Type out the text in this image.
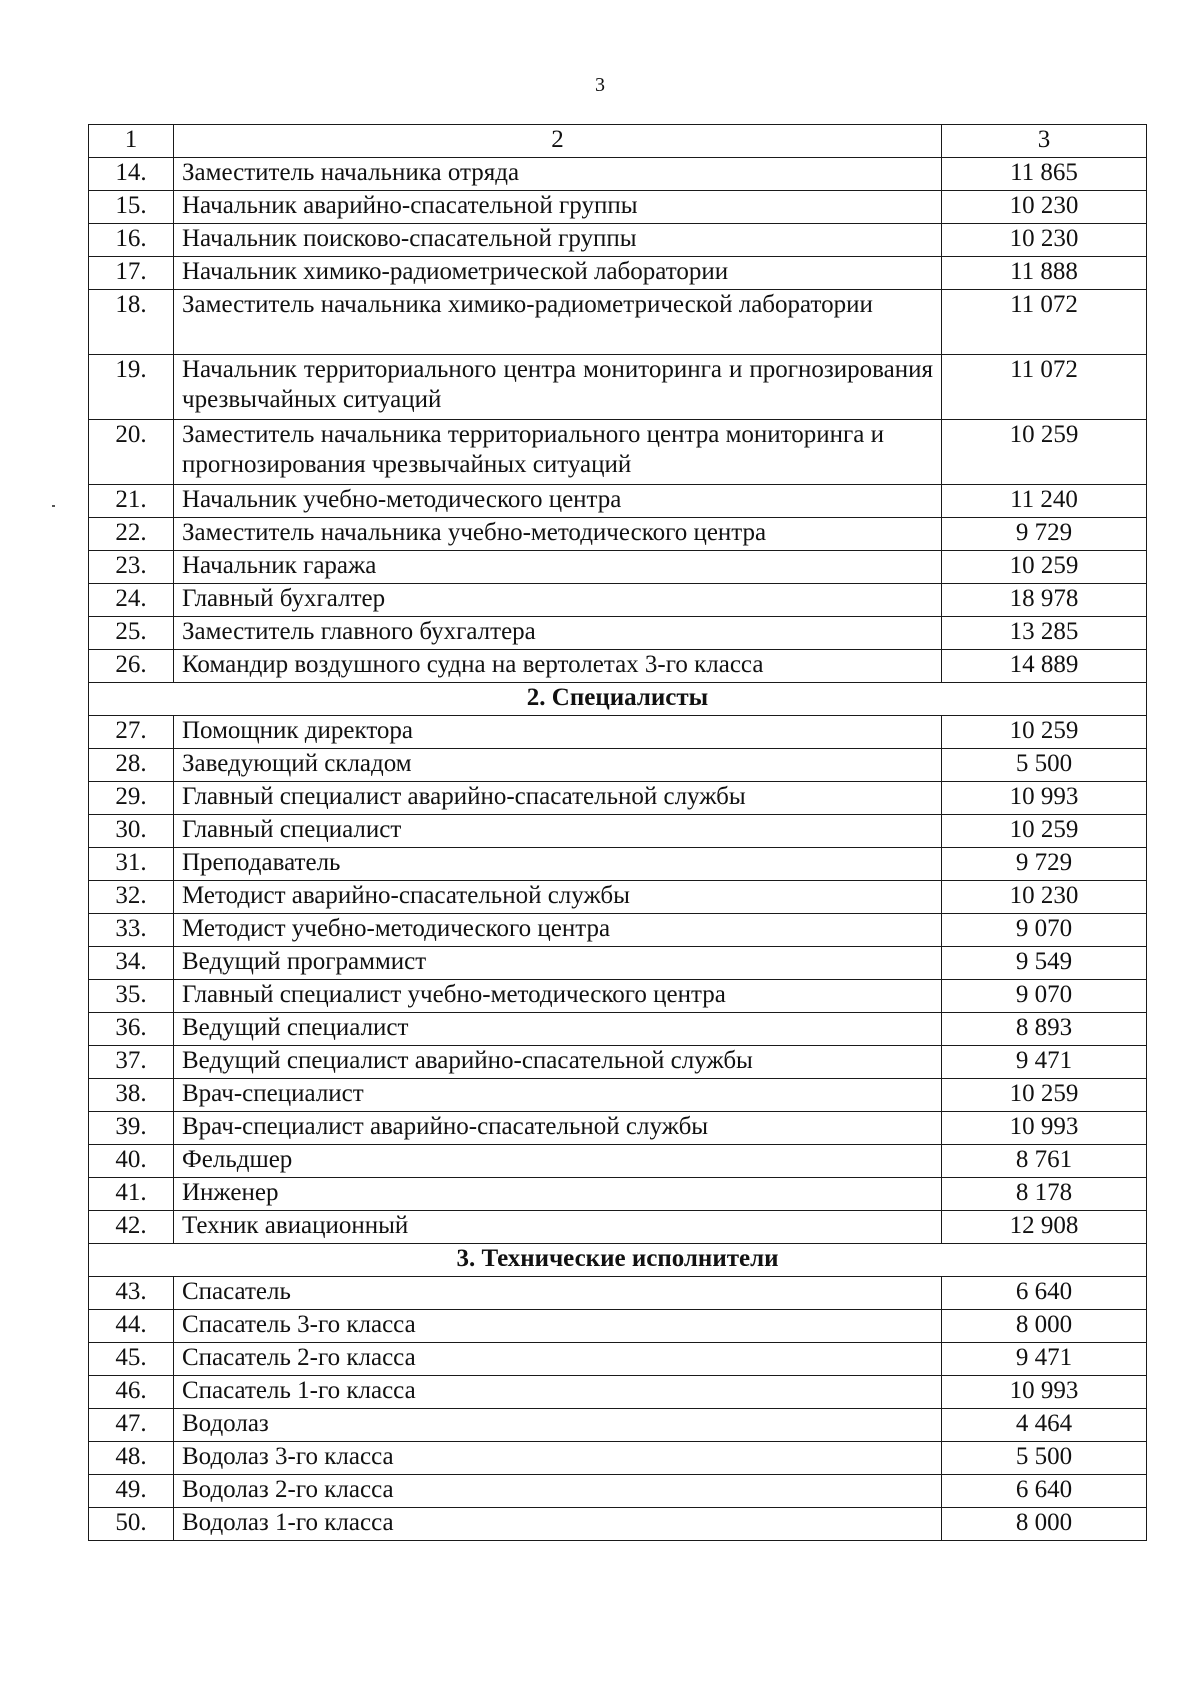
3
1	2	3
14.	Заместитель начальника отряда	11 865
15.	Начальник аварийно-спасательной группы	10 230
16.	Начальник поисково-спасательной группы	10 230
17.	Начальник химико-радиометрической лаборатории	11 888
18.	Заместитель начальника химико-радиометрической лаборатории	11 072
19.	Начальник территориального центра мониторинга и прогнозирования чрезвычайных ситуаций	11 072
20.	Заместитель начальника территориального центра мониторинга и прогнозирования чрезвычайных ситуаций	10 259
21.	Начальник учебно-методического центра	11 240
22.	Заместитель начальника учебно-методического центра	9 729
23.	Начальник гаража	10 259
24.	Главный бухгалтер	18 978
25.	Заместитель главного бухгалтера	13 285
26.	Командир воздушного судна на вертолетах 3-го класса	14 889
2. Специалисты		
27.	Помощник директора	10 259
28.	Заведующий складом	5 500
29.	Главный специалист аварийно-спасательной службы	10 993
30.	Главный специалист	10 259
31.	Преподаватель	9 729
32.	Методист аварийно-спасательной службы	10 230
33.	Методист учебно-методического центра	9 070
34.	Ведущий программист	9 549
35.	Главный специалист учебно-методического центра	9 070
36.	Ведущий специалист	8 893
37.	Ведущий специалист аварийно-спасательной службы	9 471
38.	Врач-специалист	10 259
39.	Врач-специалист аварийно-спасательной службы	10 993
40.	Фельдшер	8 761
41.	Инженер	8 178
42.	Техник авиационный	12 908
3. Технические исполнители		
43.	Спасатель	6 640
44.	Спасатель 3-го класса	8 000
45.	Спасатель 2-го класса	9 471
46.	Спасатель 1-го класса	10 993
47.	Водолаз	4 464
48.	Водолаз 3-го класса	5 500
49.	Водолаз 2-го класса	6 640
50.	Водолаз 1-го класса	8 000
